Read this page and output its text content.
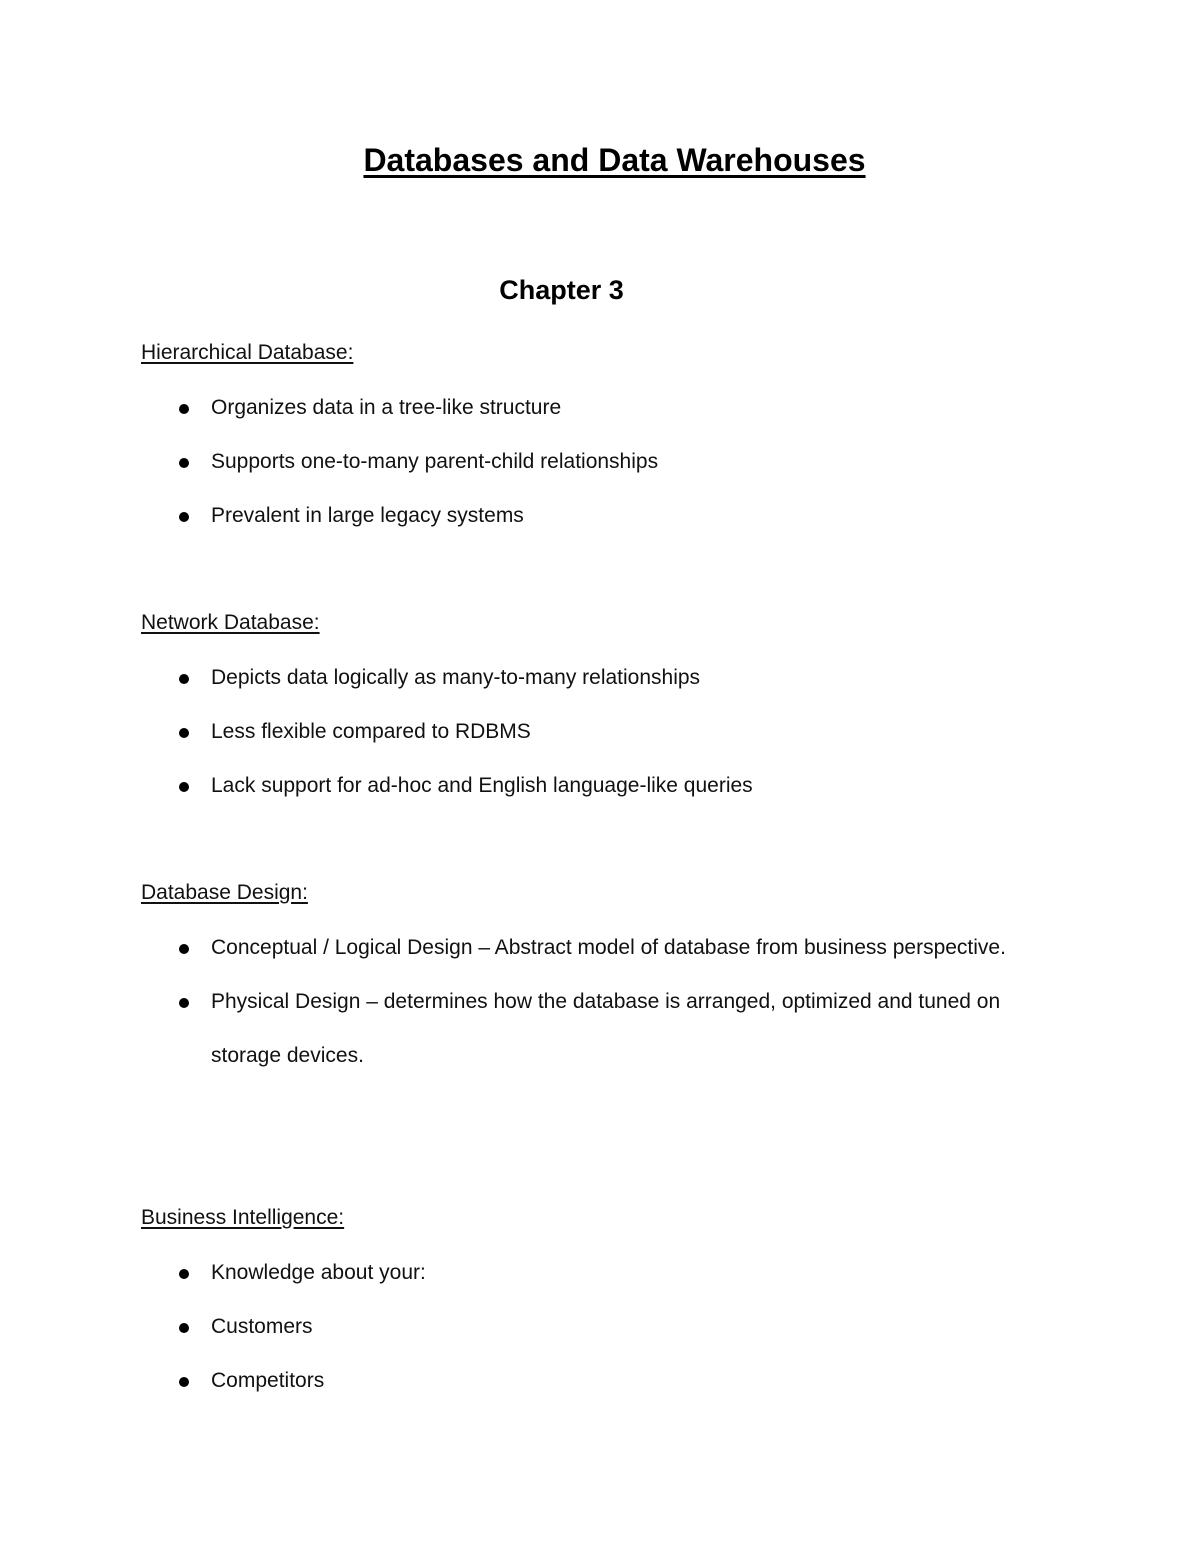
Databases and Data Warehouses
Chapter 3

Hierarchical Database:

Organizes data in a tree-like structure
Supports one-to-many parent-child relationships
Prevalent in large legacy systems

Network Database:

Depicts data logically as many-to-many relationships
Less flexible compared to RDBMS
Lack support for ad-hoc and English language-like queries

Database Design:

Conceptual / Logical Design – Abstract model of database from business perspective.
Physical Design – determines how the database is arranged, optimized and tuned on storage devices.

Business Intelligence:

Knowledge about your:
Customers
Competitors
